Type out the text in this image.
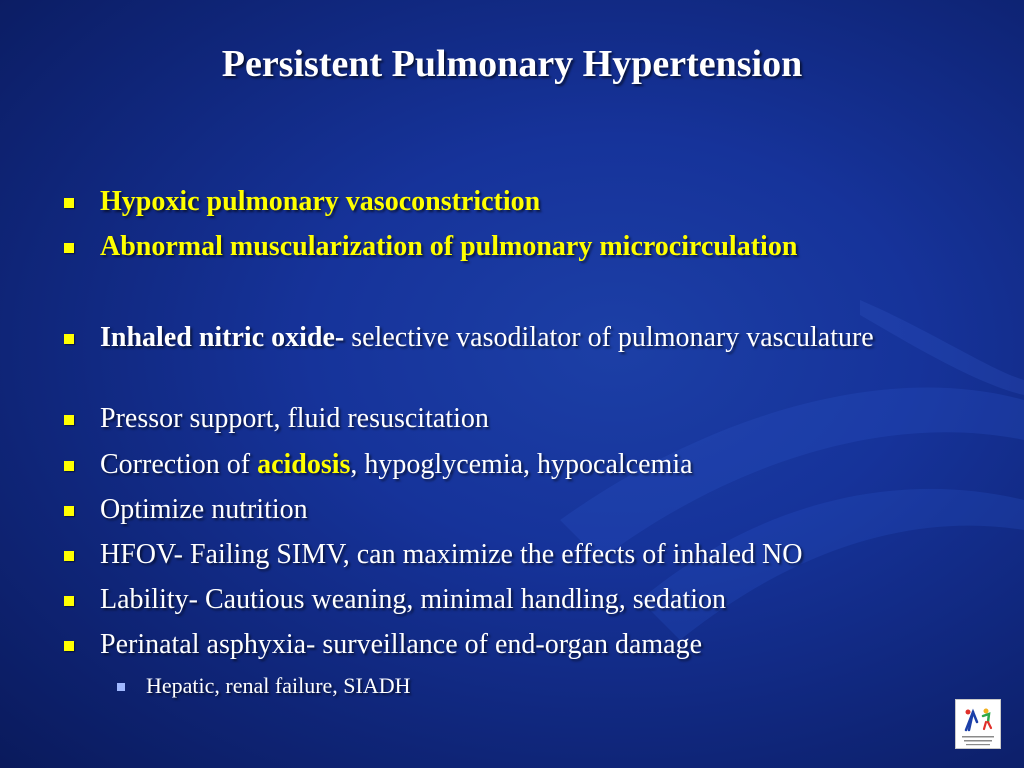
Persistent Pulmonary Hypertension
Hypoxic pulmonary vasoconstriction
Abnormal muscularization of pulmonary microcirculation
Inhaled nitric oxide- selective vasodilator of pulmonary vasculature
Pressor support, fluid resuscitation
Correction of acidosis, hypoglycemia, hypocalcemia
Optimize nutrition
HFOV- Failing SIMV, can maximize the effects of inhaled NO
Lability- Cautious weaning, minimal handling, sedation
Perinatal asphyxia- surveillance of end-organ damage
Hepatic, renal failure, SIADH
